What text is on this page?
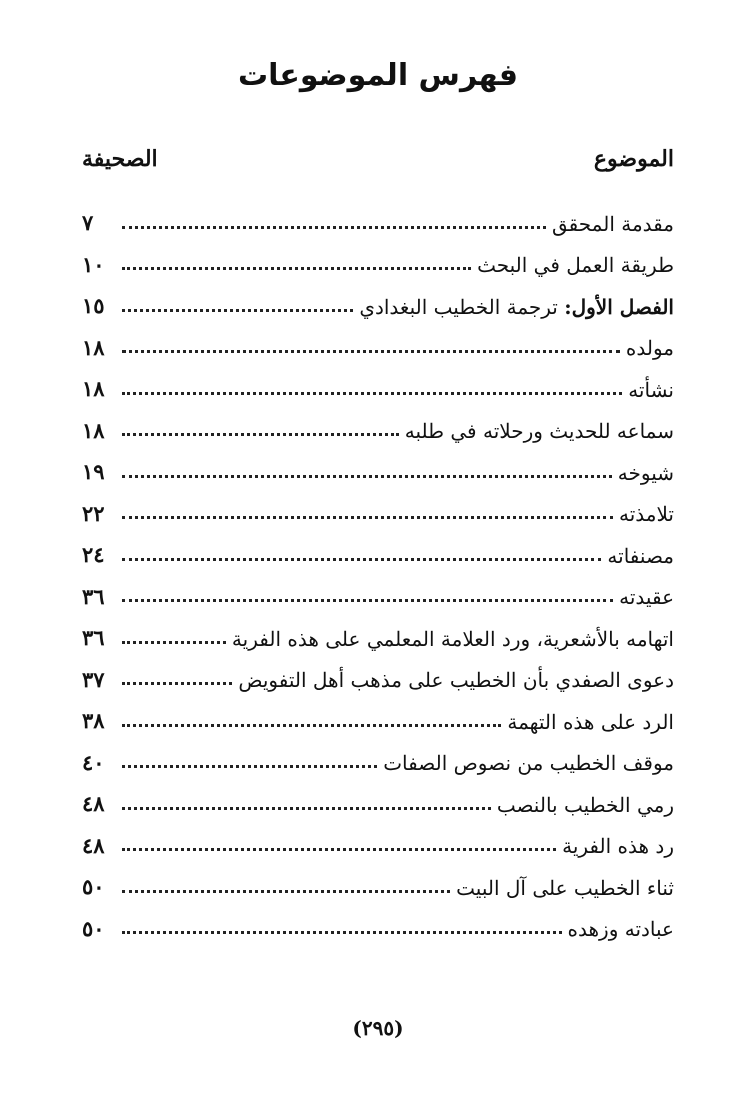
فهرس الموضوعات
الموضوع
الصحيفة
مقدمة المحقق
٧
طريقة العمل في البحث
١٠
الفصل الأول: ترجمة الخطيب البغدادي
١٥
مولده
١٨
نشأته
١٨
سماعه للحديث ورحلاته في طلبه
١٨
شيوخه
١٩
تلامذته
٢٢
مصنفاته
٢٤
عقيدته
٣٦
اتهامه بالأشعرية، ورد العلامة المعلمي على هذه الفرية
٣٦
دعوى الصفدي بأن الخطيب على مذهب أهل التفويض
٣٧
الرد على هذه التهمة
٣٨
موقف الخطيب من نصوص الصفات
٤٠
رمي الخطيب بالنصب
٤٨
رد هذه الفرية
٤٨
ثناء الخطيب على آل البيت
٥٠
عبادته وزهده
٥٠
(٢٩٥)
